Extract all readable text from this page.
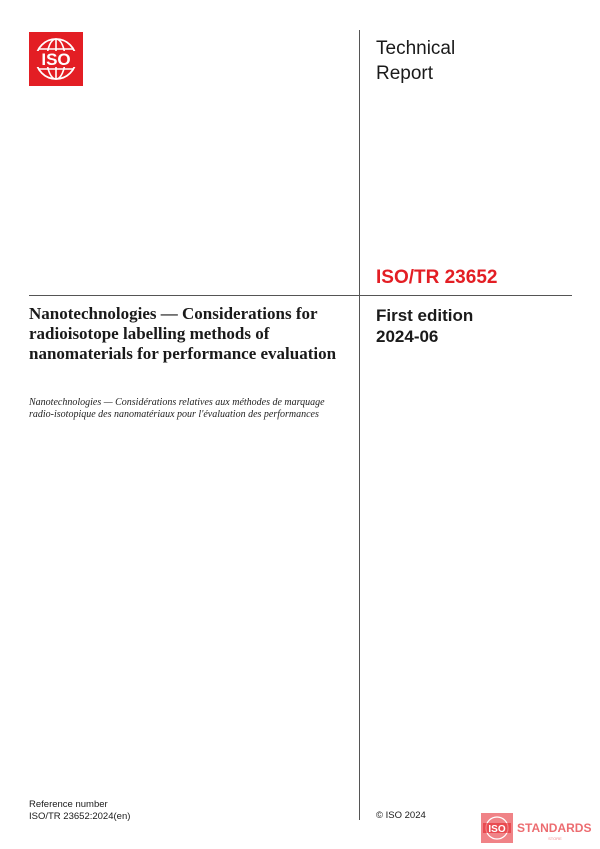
ISO
Technical
Report
ISO/TR 23652
First edition
2024-06
Nanotechnologies — Considerations for radioisotope labelling methods of nanomaterials for performance evaluation
Nanotechnologies — Considérations relatives aux méthodes de marquage radio-isotopique des nanomatériaux pour l'évaluation des performances
Reference number
ISO/TR 23652:2024(en)	© ISO 2024
ISO STANDARDS
STORE
